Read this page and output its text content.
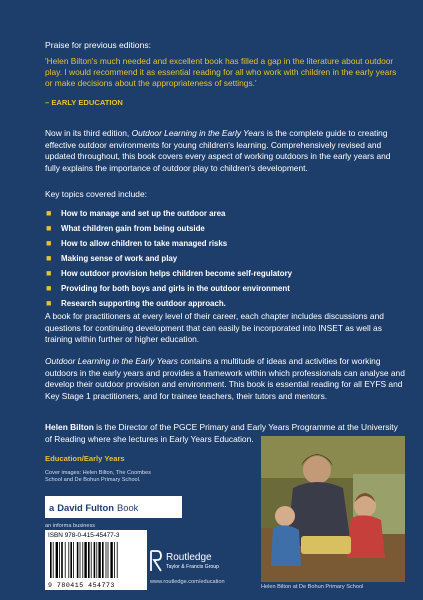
Praise for previous editions:
'Helen Bilton's much needed and excellent book has filled a gap in the literature about outdoor play. I would recommend it as essential reading for all who work with children in the early years or make decisions about the appropriateness of settings.'
– EARLY EDUCATION
Now in its third edition, Outdoor Learning in the Early Years is the complete guide to creating effective outdoor environments for young children's learning. Comprehensively revised and updated throughout, this book covers every aspect of working outdoors in the early years and fully explains the importance of outdoor play to children's development.
Key topics covered include:
■ How to manage and set up the outdoor area
■ What children gain from being outside
■ How to allow children to take managed risks
■ Making sense of work and play
■ How outdoor provision helps children become self-regulatory
■ Providing for both boys and girls in the outdoor environment
■ Research supporting the outdoor approach.
A book for practitioners at every level of their career, each chapter includes discussions and questions for continuing development that can easily be incorporated into INSET as well as training within further or higher education.
Outdoor Learning in the Early Years contains a multitude of ideas and activities for working outdoors in the early years and provides a framework within which professionals can analyse and develop their outdoor provision and environment. This book is essential reading for all EYFS and Key Stage 1 practitioners, and for trainee teachers, their tutors and mentors.
Helen Bilton is the Director of the PGCE Primary and Early Years Programme at the University of Reading where she lectures in Early Years Education.
Education/Early Years
Cover images: Helen Bilton, The Coombes School and De Bohun Primary School.
a David Fulton Book
an informa business
ISBN 978-0-415-45477-3
9 780415 454773
Routledge
Taylor & Francis Group
www.routledge.com/education
Helen Bilton at De Bohun Primary School
